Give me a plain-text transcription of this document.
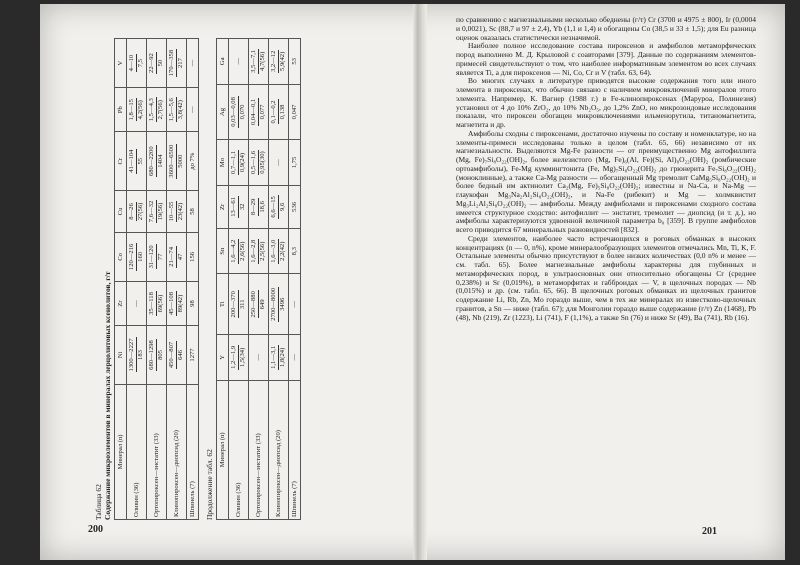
200	201
Таблица 62
Содержание микроэлементов в минералах лерцолитовых ксенолитов, г/т Минерал (n)	Ni	Zr	Co	Cu	Cr	Pb	V
Оливин (36)	1300—2227 183	—	120—216 160	8—26 27(56)	41—104 55	1,8—15 4,2(56)	4—10 7,5

Ортопироксен—энстатит (33)	680—1298 805	35—118 69(56)	31—120 77	7,6—32 19(56)	680—2200 1404	1,5—4,3 2,7(56)	22—92 50

Клинопироксен—диопсид (20)	450—807 646	45—108 89(42)	21—74 47	10—55 23(42)	3600—6500 5000	1,5—5,6 3,8(42)	170—358 217

Шпинель (7)	1277	98	156	58	до 7%	—	—
Продолжение табл. 62 Минерал (n)	Y	Ti	Sn	Zr	Mo	Ag	Ga
Оливин (36)	1,2—1,9 1,5(34)	200—370 311	1,6—4,2 2,6(56)	13—61 32	0,7—1,1 0,9(24)	0,03—0,08 0,070	—
Ортопироксен—энстатит (33)	—	250—880 649	1,6—2,8 2,5(56)	8—29 18,6	0,5—1,6 0,95(30)	0,04—0,1 0,077	3,5—7,1 4,7(56)

Клинопироксен—диопсид (20)	1,1—3,1 1,8(24)	2700—8000 3496	1,6—3,0 2,2(42)	6,6—15 9,6	—	0,1—0,2 0,138	3,2—12 5,9(42)

Шпинель (7)	—	—	8,3	536	1,75	0,047	53

по сравнению с магнезиальными несколько обеднены (г/т) Cr (3700 и 4975 ± 800), Ir (0,0004 и 0,0021), Sc (88,7 и 97 ± 2,4), Yb (1,1 и 1,4) и обогащены Co (38,5 и 33 ± 1,5); для Eu разница оценок оказалась статистически незначимой.

Наиболее полное исследование состава пироксенов и амфиболов метаморфических пород выполнено М. Д. Крыловой с соавторами [379]. Данные по содержаниям элементов-примесей свидетельствуют о том, что наиболее информативным элементом во всех случаях является Ti, а для пироксенов — Ni, Co, Cr и V (табл. 63, 64).

Во многих случаях в литературе приводятся высокие содержания того или иного элемента в пироксенах, что обычно связано с наличием микровключений минералов этого элемента. Например, К. Вагнер (1988 г.) в Fe-клинопироксенах (Маруроа, Полинезия) установил от 4 до 10% ZrO₂, до 10% Nb₂O₅, до 1,2% ZnO, но микрозондовые исследования показали, что пироксен обогащен микровключениями ильменорутила, титаномагнетита, магнетита и др.

Амфиболы сходны с пироксенами, достаточно изучены по составу и номенклатуре, но на элементы-примеси исследованы только в целом (табл. 65, 66) независимо от их магнезиальности. Выделяются Mg-Fe разности — от преимущественно Mg антофиллита (Mg, Fe)₇Si₈O₂₂(OH)₂, более железистого (Mg, Fe)₆(Al, Fe)(Si, Al)₈O₂₂(OH)₂ (ромбические ортоамфиболы), Fe-Mg куммингтонита (Fe, Mg)₇Si₈O₂₂(OH)₂ до грюнерита Fe₇Si₈O₂₂(OH)₂ (моноклинные), а также Ca-Mg разности — обогащенный Mg тремолит CaMg₅Si₈O₂₂(OH)₂ и более бедный им актинолит Ca₂(Mg, Fe)₅Si₈O₂₂(OH)₂; известны и Na-Ca, и Na-Mg — глаукофан Mg₃Na₂Al₂Si₈O₂₂(OH)₂, и Na-Fe (рибекит) и Mg — холмквистит Mg₃Li₂Al₂Si₈O₂₂(OH)₂ — амфиболы. Между амфиболами и пироксенами сходного состава имеется структурное сходство: антофиллит — энстатит, тремолит — диопсид (и т. д.), но амфиболы характеризуются удвоенной величиной параметра b₀ [359]. В группе амфиболов всего приводится 67 минеральных разновидностей [832].

Среди элементов, наиболее часто встречающихся в роговых обманках в высоких концентрациях (n — 0, n%), кроме минералообразующих элементов отмечались Mn, Ti, K, F. Остальные элементы обычно присутствуют в более низких количествах (0,0 n% и менее — см. табл. 65). Более магнезиальные амфиболы характерны для глубинных и метаморфических пород, в ультраосновных они относительно обогащены Cr (среднее 0,238%) и Sr (0,019%), в метаморфитах и габброидах — V, в щелочных породах — Nb (0,015%) и др. (см. табл. 65, 66). В щелочных роговых обманках из щелочных гранитов содержание Li, Rb, Zn, Mo гораздо выше, чем в тех же минералах из известково-щелочных гранитов, а Sn — ниже (табл. 67); для Монголии гораздо выше содержание (г/т) Zn (1468), Pb (48), Nb (219), Zr (1223), Li (741), F (1,1%), а также Sn (76) и ниже Sr (49), Ba (741), Rb (16).
